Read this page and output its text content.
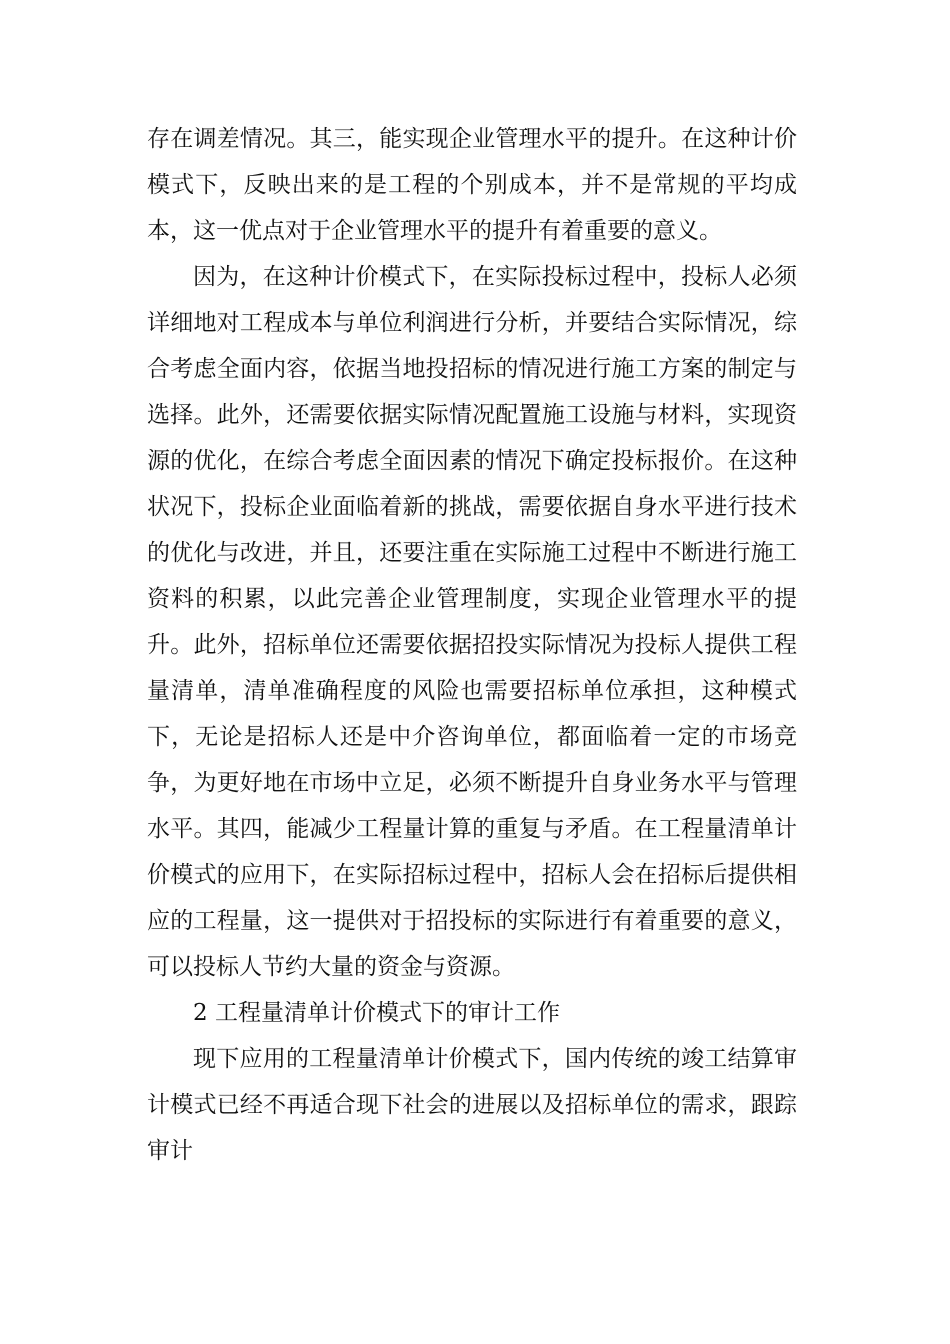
存在调差情况。其三，能实现企业管理水平的提升。在这种计价模式下，反映出来的是工程的个别成本，并不是常规的平均成本，这一优点对于企业管理水平的提升有着重要的意义。

因为，在这种计价模式下，在实际投标过程中，投标人必须详细地对工程成本与单位利润进行分析，并要结合实际情况，综合考虑全面内容，依据当地投招标的情况进行施工方案的制定与选择。此外，还需要依据实际情况配置施工设施与材料，实现资源的优化，在综合考虑全面因素的情况下确定投标报价。在这种状况下，投标企业面临着新的挑战，需要依据自身水平进行技术的优化与改进，并且，还要注重在实际施工过程中不断进行施工资料的积累，以此完善企业管理制度，实现企业管理水平的提升。此外，招标单位还需要依据招投实际情况为投标人提供工程量清单，清单准确程度的风险也需要招标单位承担，这种模式下，无论是招标人还是中介咨询单位，都面临着一定的市场竞争，为更好地在市场中立足，必须不断提升自身业务水平与管理水平。其四，能减少工程量计算的重复与矛盾。在工程量清单计价模式的应用下，在实际招标过程中，招标人会在招标后提供相应的工程量，这一提供对于招投标的实际进行有着重要的意义，可以投标人节约大量的资金与资源。

2 工程量清单计价模式下的审计工作

现下应用的工程量清单计价模式下，国内传统的竣工结算审计模式已经不再适合现下社会的进展以及招标单位的需求，跟踪审计
